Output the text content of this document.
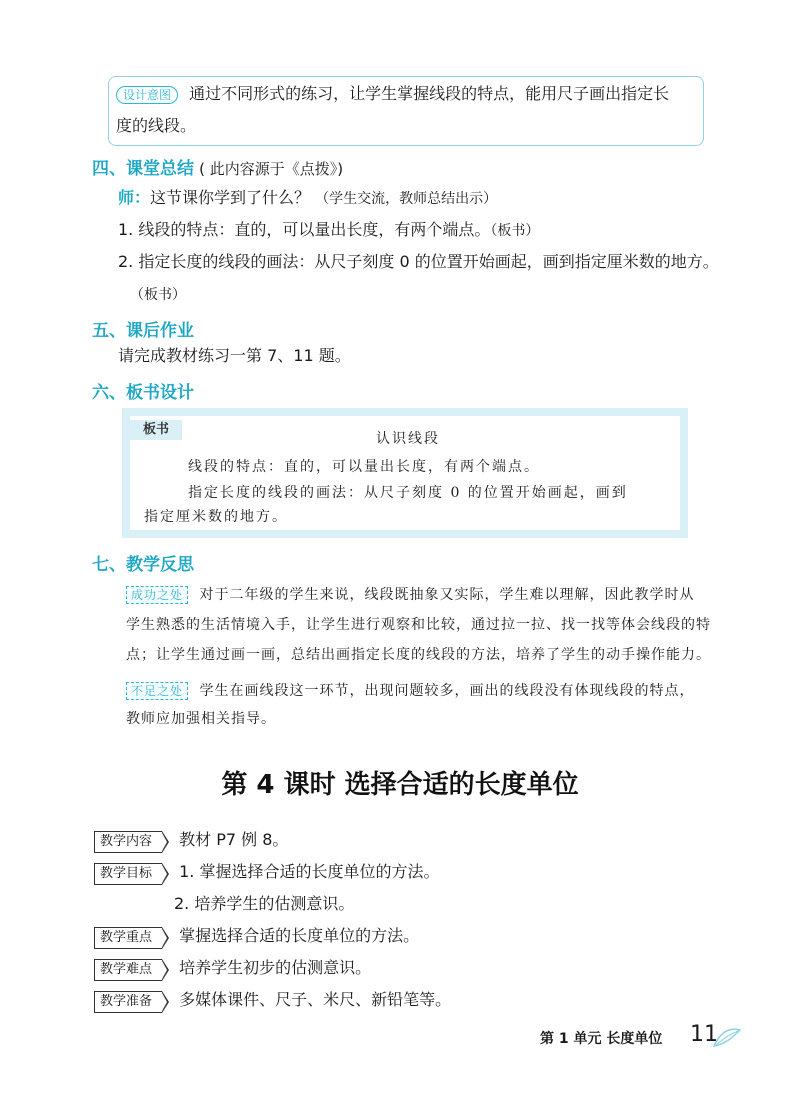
设计意图 通过不同形式的练习，让学生掌握线段的特点，能用尺子画出指定长
度的线段。
四、课堂总结 ( 此内容源于《点拨》)
师：这节课你学到了什么？ （学生交流，教师总结出示）
1. 线段的特点：直的，可以量出长度，有两个端点。（板书）
2. 指定长度的线段的画法：从尺子刻度 0 的位置开始画起，画到指定厘米数的地方。
（板书）
五、课后作业
请完成教材练习一第 7、11 题。
六、板书设计
板书
认识线段
线段的特点：直的，可以量出长度，有两个端点。
指定长度的线段的画法：从尺子刻度 0 的位置开始画起，画到
指定厘米数的地方。
七、教学反思
成功之处 对于二年级的学生来说，线段既抽象又实际，学生难以理解，因此教学时从
学生熟悉的生活情境入手，让学生进行观察和比较，通过拉一拉、找一找等体会线段的特
点；让学生通过画一画，总结出画指定长度的线段的方法，培养了学生的动手操作能力。
不足之处 学生在画线段这一环节，出现问题较多，画出的线段没有体现线段的特点，
教师应加强相关指导。
第 4 课时 选择合适的长度单位
教学内容 教材 P7 例 8。
教学目标 1. 掌握选择合适的长度单位的方法。
2. 培养学生的估测意识。
教学重点 掌握选择合适的长度单位的方法。
教学难点 培养学生初步的估测意识。
教学准备 多媒体课件、尺子、米尺、新铅笔等。
第 1 单元 长度单位 11
